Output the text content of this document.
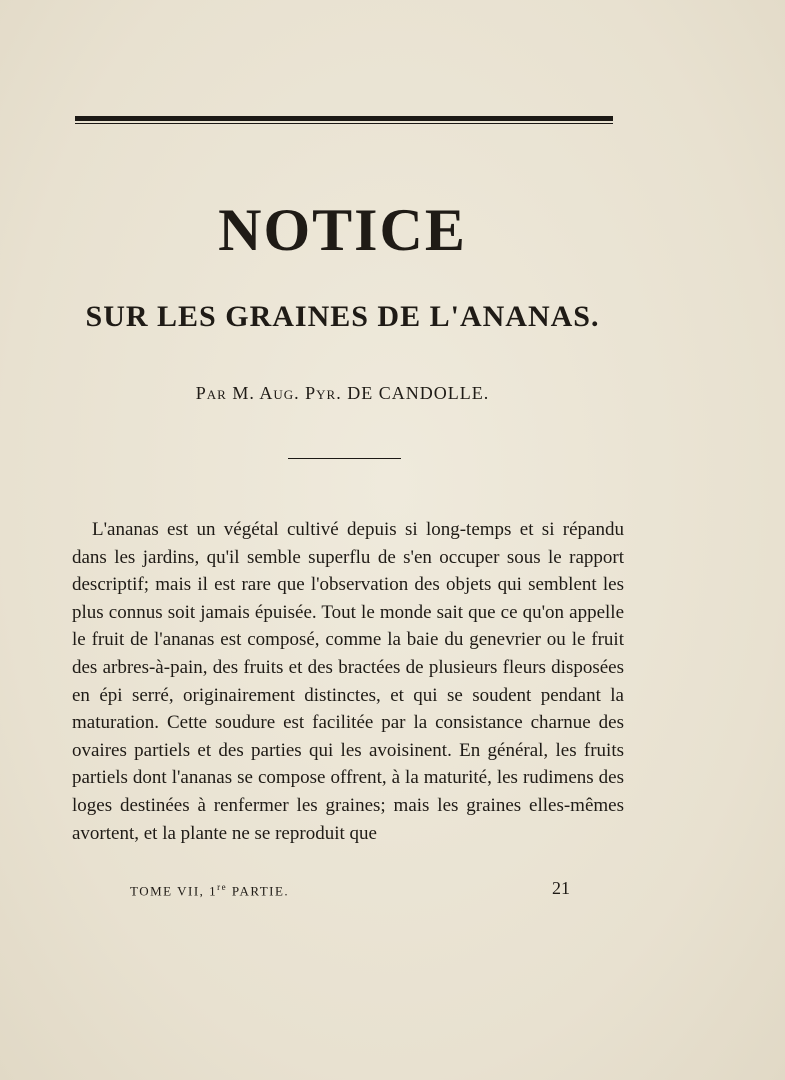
NOTICE
SUR LES GRAINES DE L'ANANAS.
Par M. Aug. Pyr. DE CANDOLLE.

L'ananas est un végétal cultivé depuis si long-temps et si répandu dans les jardins, qu'il semble superflu de s'en occuper sous le rapport descriptif; mais il est rare que l'observation des objets qui semblent les plus connus soit jamais épuisée. Tout le monde sait que ce qu'on appelle le fruit de l'ananas est composé, comme la baie du genevrier ou le fruit des arbres-à-pain, des fruits et des bractées de plusieurs fleurs disposées en épi serré, originairement distinctes, et qui se soudent pendant la maturation. Cette soudure est facilitée par la consistance charnue des ovaires partiels et des parties qui les avoisinent. En général, les fruits partiels dont l'ananas se compose offrent, à la maturité, les rudimens des loges destinées à renfermer les graines; mais les graines elles-mêmes avortent, et la plante ne se reproduit que

TOME VII, 1re PARTIE.	21
